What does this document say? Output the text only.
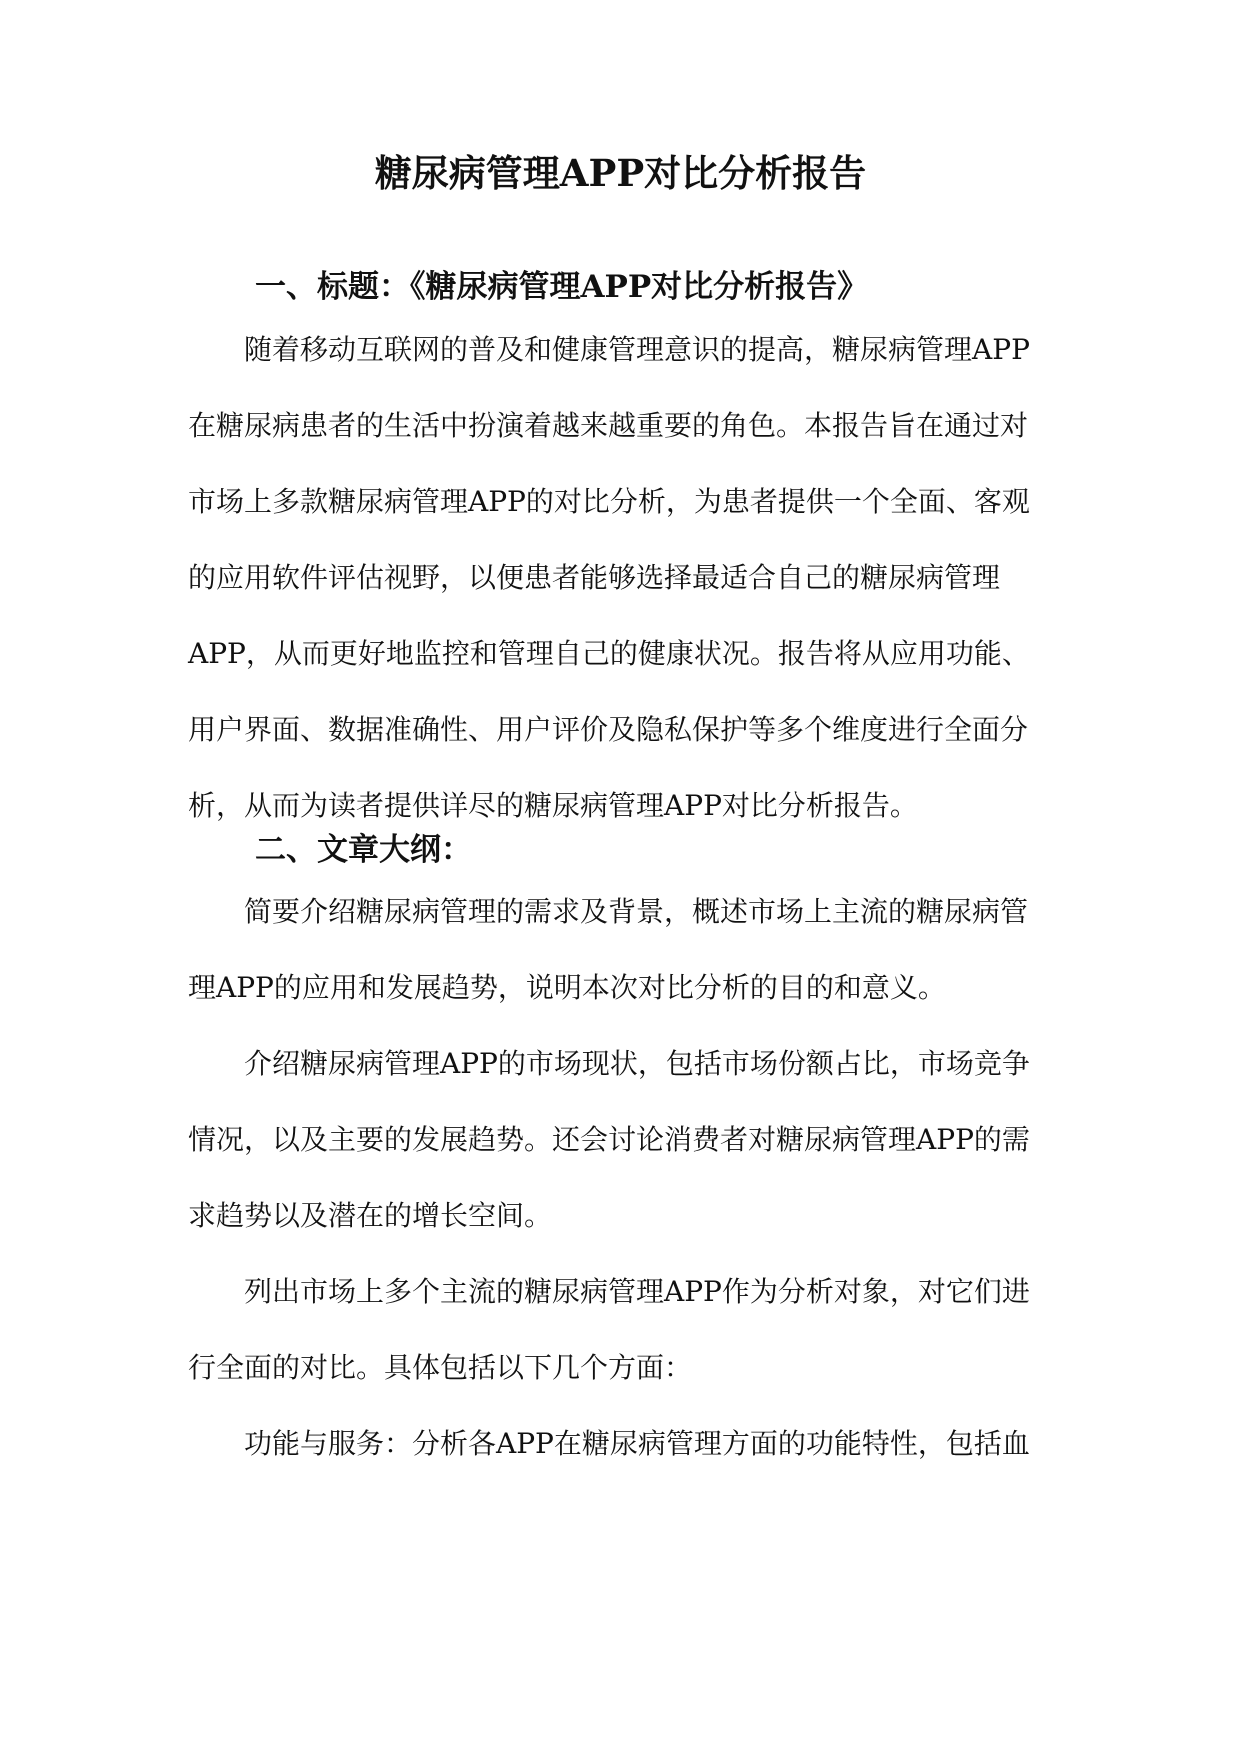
糖尿病管理APP对比分析报告
一、标题：《糖尿病管理APP对比分析报告》
随着移动互联网的普及和健康管理意识的提高，糖尿病管理APP
在糖尿病患者的生活中扮演着越来越重要的角色。本报告旨在通过对
市场上多款糖尿病管理APP的对比分析，为患者提供一个全面、客观
的应用软件评估视野，以便患者能够选择最适合自己的糖尿病管理
APP，从而更好地监控和管理自己的健康状况。报告将从应用功能、
用户界面、数据准确性、用户评价及隐私保护等多个维度进行全面分
析，从而为读者提供详尽的糖尿病管理APP对比分析报告。
二、文章大纲：
简要介绍糖尿病管理的需求及背景，概述市场上主流的糖尿病管
理APP的应用和发展趋势，说明本次对比分析的目的和意义。
介绍糖尿病管理APP的市场现状，包括市场份额占比，市场竞争
情况，以及主要的发展趋势。还会讨论消费者对糖尿病管理APP的需
求趋势以及潜在的增长空间。
列出市场上多个主流的糖尿病管理APP作为分析对象，对它们进
行全面的对比。具体包括以下几个方面：
功能与服务：分析各APP在糖尿病管理方面的功能特性，包括血
